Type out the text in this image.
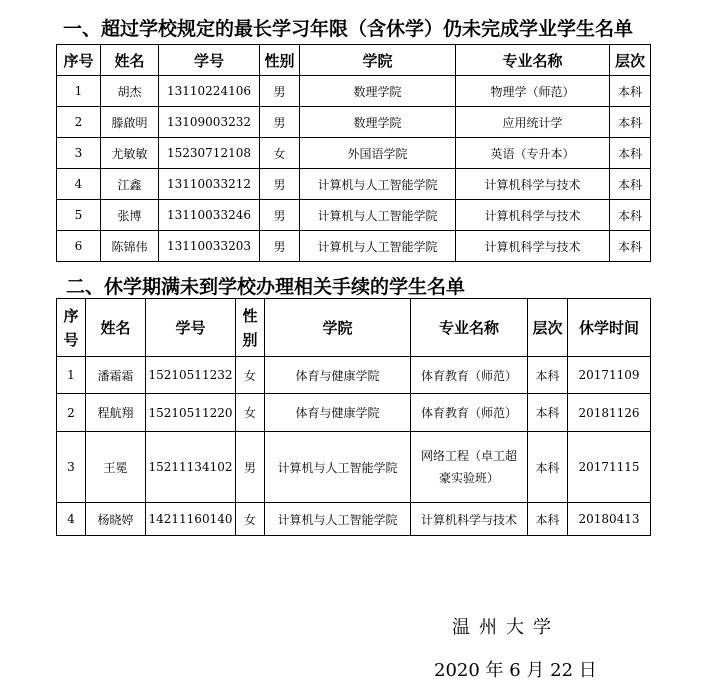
一、超过学校规定的最长学习年限（含休学）仍未完成学业学生名单
序号	姓名	学号	性别	学院	专业名称	层次
1	胡杰	13110224106	男	数理学院	物理学（师范）	本科
2	滕啟明	13109003232	男	数理学院	应用统计学	本科
3	尤敏敏	15230712108	女	外国语学院	英语（专升本）	本科
4	江鑫	13110033212	男	计算机与人工智能学院	计算机科学与技术	本科
5	张博	13110033246	男	计算机与人工智能学院	计算机科学与技术	本科
6	陈锦伟	13110033203	男	计算机与人工智能学院	计算机科学与技术	本科
二、休学期满未到学校办理相关手续的学生名单
序号	姓名	学号	性别	学院	专业名称	层次	休学时间
1	潘霜霜	15210511232	女	体育与健康学院	体育教育（师范）	本科	20171109
2	程航翔	15210511220	女	体育与健康学院	体育教育（师范）	本科	20181126
3	王冕	15211134102	男	计算机与人工智能学院	网络工程（卓工超豪实验班）	本科	20171115
4	杨晓婷	14211160140	女	计算机与人工智能学院	计算机科学与技术	本科	20180413

温州大学

2020 年 6 月 22 日
